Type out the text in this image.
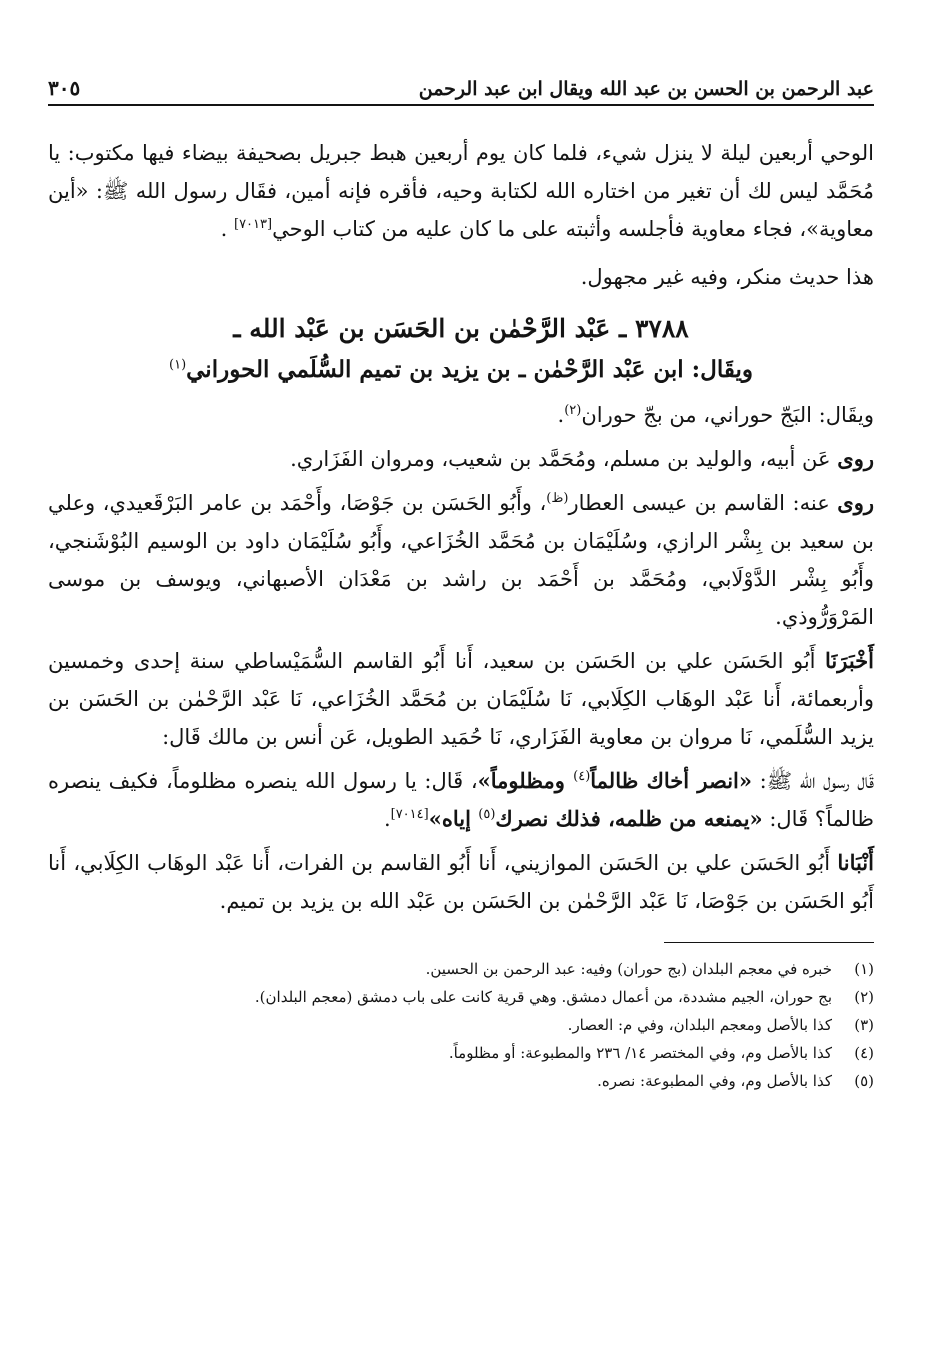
عبد الرحمن بن الحسن بن عبد الله ويقال ابن عبد الرحمن
٣٠٥

الوحي أربعين ليلة لا ينزل شيء، فلما كان يوم أربعين هبط جبريل بصحيفة بيضاء فيها مكتوب: يا مُحَمَّد ليس لك أن تغير من اختاره الله لكتابة وحيه، فأقره فإنه أمين، فقَال رسول الله ﷺ: «أين معاوية»، فجاء معاوية فأجلسه وأثبته على ما كان عليه من كتاب الوحي[٧٠١٣] .

هذا حديث منكر، وفيه غير مجهول.

٣٧٨٨ ـ عَبْد الرَّحْمٰن بن الحَسَن بن عَبْد الله ـ
ويقَال: ابن عَبْد الرَّحْمٰن ـ بن يزيد بن تميم السُّلَمي الحوراني$^{(١)}$

ويقَال: البَجّ حوراني، من بجّ حوران$^{(٢)}$.

روى عَن أبيه، والوليد بن مسلم، ومُحَمَّد بن شعيب، ومروان الفَزَاري.

روى عنه: القاسم بن عيسى العطار$^{(ظ)}$، وأَبُو الحَسَن بن جَوْصَا، وأَحْمَد بن عامر البَرْقَعيدي، وعلي بن سعيد بن بِشْر الرازي، وسُلَيْمَان بن مُحَمَّد الخُزَاعي، وأَبُو سُلَيْمَان داود بن الوسيم البُوْشَنجي، وأَبُو بِشْر الدَّوْلَابي، ومُحَمَّد بن أَحْمَد بن راشد بن مَعْدَان الأصبهاني، ويوسف بن موسى المَرْوَرُّوذي.

أَخْبَرَنَا أَبُو الحَسَن علي بن الحَسَن بن سعيد، أَنا أَبُو القاسم السُّمَيْساطي سنة إحدى وخمسين وأربعمائة، أَنا عَبْد الوهَاب الكِلَابي، نَا سُلَيْمَان بن مُحَمَّد الخُزَاعي، نَا عَبْد الرَّحْمٰن بن الحَسَن بن يزيد السُّلَمي، نَا مروان بن معاوية الفَزَاري، نَا حُمَيد الطويل، عَن أنس بن مالك قَال:

قَال رسول الله ﷺ: «انصر أخاك ظالماً$^{(٤)}$ ومظلوماً»، قَال: يا رسول الله ينصره مظلوماً، فكيف ينصره ظالماً؟ قَال: «يمنعه من ظلمه، فذلك نصرك$^{(٥)}$ إياه»[٧٠١٤].

أَنْبَانا أَبُو الحَسَن علي بن الحَسَن الموازيني، أَنا أَبُو القاسم بن الفرات، أَنا عَبْد الوهَاب الكِلَابي، أَنا أَبُو الحَسَن بن جَوْصَا، نَا عَبْد الرَّحْمٰن بن الحَسَن بن عَبْد الله بن يزيد بن تميم.

(١)
خبره في معجم البلدان (بج حوران) وفيه: عبد الرحمن بن الحسين.
(٢)
بج حوران، الجيم مشددة، من أعمال دمشق. وهي قرية كانت على باب دمشق (معجم البلدان).
(٣)
كذا بالأصل ومعجم البلدان، وفي م: العصار.
(٤)
كذا بالأصل وم، وفي المختصر ١٤/ ٢٣٦ والمطبوعة: أو مظلوماً.
(٥)
كذا بالأصل وم، وفي المطبوعة: نصره.
